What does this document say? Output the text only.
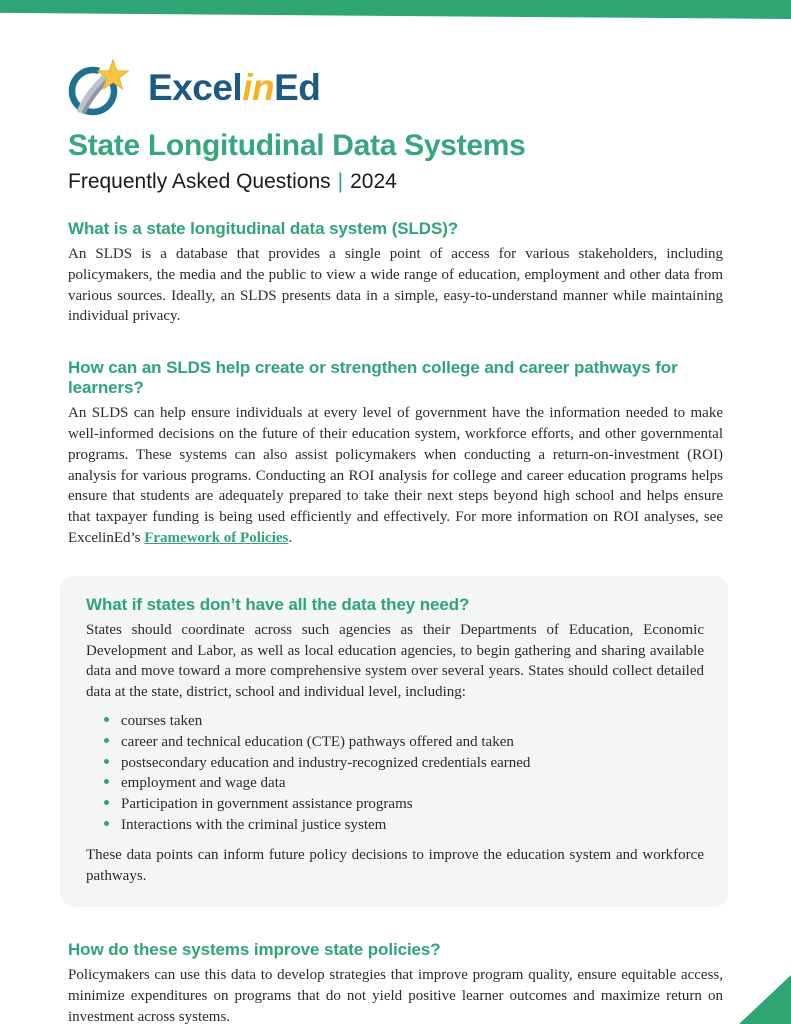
ExcelinEd
State Longitudinal Data Systems
Frequently Asked Questions | 2024
What is a state longitudinal data system (SLDS)?

An SLDS is a database that provides a single point of access for various stakeholders, including policymakers, the media and the public to view a wide range of education, employment and other data from various sources. Ideally, an SLDS presents data in a simple, easy-to-understand manner while maintaining individual privacy.

How can an SLDS help create or strengthen college and career pathways for learners?

An SLDS can help ensure individuals at every level of government have the information needed to make well-informed decisions on the future of their education system, workforce efforts, and other governmental programs. These systems can also assist policymakers when conducting a return-on-investment (ROI) analysis for various programs. Conducting an ROI analysis for college and career education programs helps ensure that students are adequately prepared to take their next steps beyond high school and helps ensure that taxpayer funding is being used efficiently and effectively. For more information on ROI analyses, see ExcelinEd’s Framework of Policies.

What if states don’t have all the data they need?

States should coordinate across such agencies as their Departments of Education, Economic Development and Labor, as well as local education agencies, to begin gathering and sharing available data and move toward a more comprehensive system over several years. States should collect detailed data at the state, district, school and individual level, including:

courses taken
career and technical education (CTE) pathways offered and taken
postsecondary education and industry-recognized credentials earned
employment and wage data
Participation in government assistance programs
Interactions with the criminal justice system

These data points can inform future policy decisions to improve the education system and workforce pathways.

How do these systems improve state policies?

Policymakers can use this data to develop strategies that improve program quality, ensure equitable access, minimize expenditures on programs that do not yield positive learner outcomes and maximize return on investment across systems.
